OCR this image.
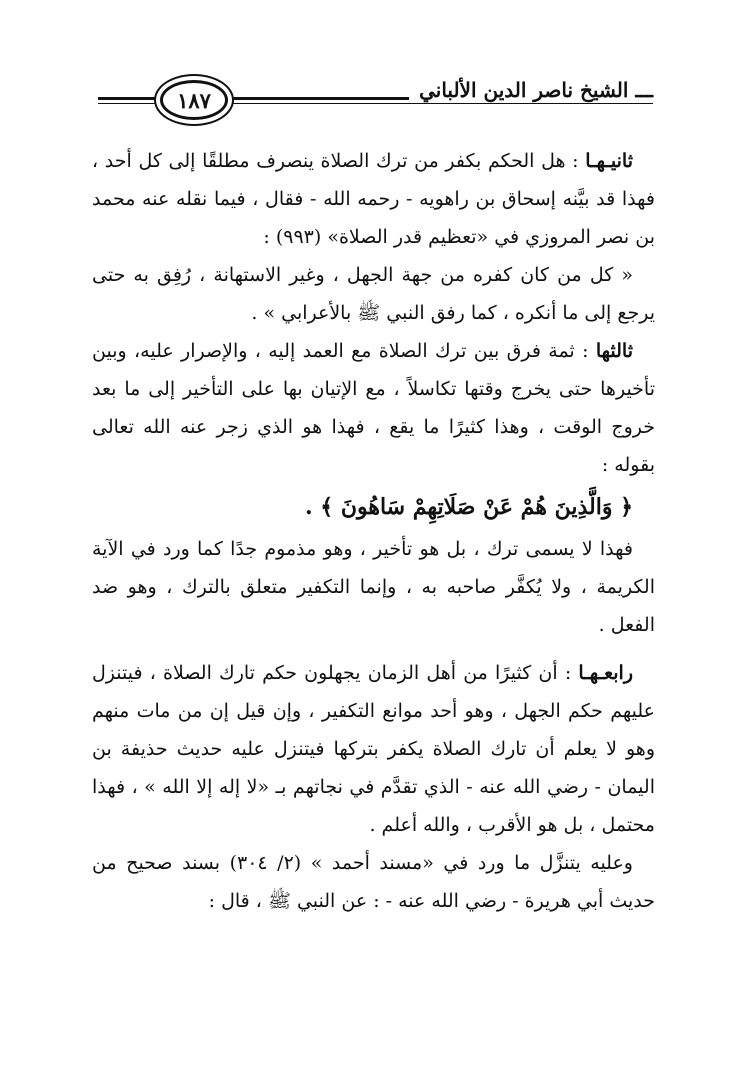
ـــ الشيخ ناصر الدين الألباني
١٨٧

ثانيـهـا : هل الحكم بكفر من ترك الصلاة ينصرف مطلقًا إلى كل أحد ، فهذا قد بيَّنه إسحاق بن راهويه - رحمه الله - فقال ، فيما نقله عنه محمد بن نصر المروزي في «تعظيم قدر الصلاة» (٩٩٣) :

« كل من كان كفره من جهة الجهل ، وغير الاستهانة ، رُفِق به حتى يرجع إلى ما أنكره ، كما رفق النبي ﷺ بالأعرابي » .

ثالثها : ثمة فرق بين ترك الصلاة مع العمد إليه ، والإصرار عليه، وبين تأخيرها حتى يخرج وقتها تكاسلاً ، مع الإتيان بها على التأخير إلى ما بعد خروج الوقت ، وهذا كثيرًا ما يقع ، فهذا هو الذي زجر عنه الله تعالى بقوله :

﴿ وَالَّذِينَ هُمْ عَنْ صَلَاتِهِمْ سَاهُونَ ﴾ .

فهذا لا يسمى ترك ، بل هو تأخير ، وهو مذموم جدًا كما ورد في الآية الكريمة ، ولا يُكفَّر صاحبه به ، وإنما التكفير متعلق بالترك ، وهو ضد الفعل .

رابعـهـا : أن كثيرًا من أهل الزمان يجهلون حكم تارك الصلاة ، فيتنزل عليهم حكم الجهل ، وهو أحد موانع التكفير ، وإن قيل إن من مات منهم وهو لا يعلم أن تارك الصلاة يكفر بتركها فيتنزل عليه حديث حذيفة بن اليمان - رضي الله عنه - الذي تقدَّم في نجاتهم بـ «لا إله إلا الله » ، فهذا محتمل ، بل هو الأقرب ، والله أعلم .

وعليه يتنزَّل ما ورد في «مسند أحمد » (٢/ ٣٠٤) بسند صحيح من حديث أبي هريرة - رضي الله عنه - : عن النبي ﷺ ، قال :
